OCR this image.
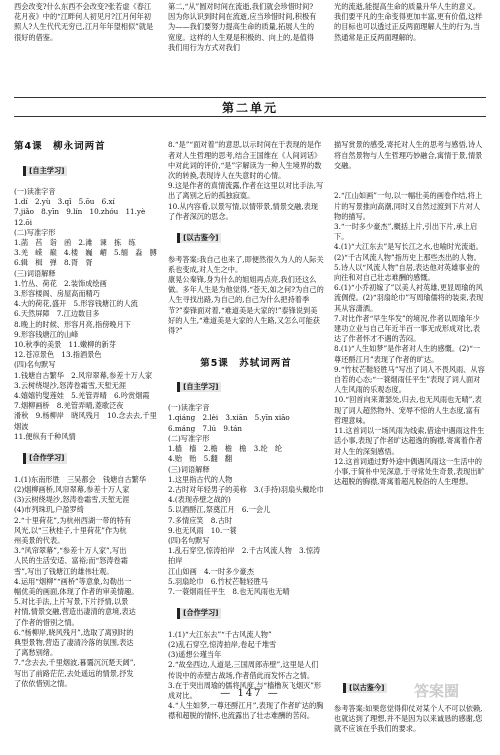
西会改变?什么东西不会改变?张若虚《春江花月夜》中的“江畔何人初见月?江月何年初照人?人生代代无穷已,江月年年望相似”就是很好的借鉴。
第二,“从”圆对时间在流逝,我们就会珍惜时间?因为你认识到时间在流逝,应当珍惜时间,积极有为——我们要努力提高生命的质量,拓展人生的宽度。这样的人生观是积极的、向上的,是值得我们用行为方式对我们
光的流逝,能提高生命的质量升华人生的意义。我们要平凡的生命变得更加丰富,更有价值,这样的目标也可以透过正反两面理解人生的行为,当然通常是正反两面理解的。
第二单元

第4课　柳永词两首

[自主学习]

(一)读准字音
1.dí　2.yù　3.qǐ　5.ōu　6.xí
7.jiǎo　8.yīn　9.lín　10.zhóu　11.yè
12.ōi
(二)写准字形
1.菡　萏　诣　函　2.滩　谏　拣　练
3.羌　嵘　巅　4.楼　巍　嵋　5.缅　淼　膊
6.辑　楫　弹　8.胥　胥
(三)词语解释
1.竹丛、荷花　2.装饰成绘画
3.形容楼阁、房屋高而精巧
4.大的荷花,盛开　5.形容钱塘江的人流
6.天然屏障　7.江边数目多
8.晚上的时候、形容月亮,指傍晚月下
9.形容钱塘江的山峰
10.秋季的美景　11.嫩柳的新芽
12.苍凉景色　13.指酒景色
(四)名句默写
1.钱塘自古繁华　2.风帘翠幕,参差十万人家
3.云树绕堤沙,怒涛卷霜雪,天堑无涯
4.嬉嬉钓叟莲娃　5.羌管弄晴　6.吟赏烟霞
7.烟柳画桥　8.羌管弄晴,菱歌泛夜
滑秋　9.杨柳岸　晓风残月　10.念去去,千里烟波
11.便纵有千种风情

[合作学习]

1.(1)东南形胜　三吴都会　钱塘自古繁华
(2)烟柳画桥,风帘翠幕,参差十万人家
(3)云树绕堤沙,怒涛卷霜雪,天堑无涯
(4)市列珠玑,户盈罗绮
2.“十里荷花”,为杭州西湖一带的特有
风光,以“三秋桂子,十里荷花”作为杭
州美景的代表。
3.“风帘翠幕”,“参差十万人家”,写出
人民的生活安适、富裕;而“怒涛卷霜
雪”,写出了钱塘江的雄伟壮观。
4.运用“烟柳”“画桥”等意象,勾勒出一
幅优美的画面,体现了作者的审美情趣。
5.对比手法,上片写景,下片抒情,以景
衬情,情景交融,营造出凄清的意境,表达
了作者的惜别之情。
6.“杨柳岸,晓风残月”,选取了离别时的
典型景物,营造了凄清冷落的氛围,表达
了离愁别绪。
7.“念去去,千里烟波,暮霭沉沉楚天阔”,
写出了前路茫茫,去处遥远的情景,抒发
了依依惜别之情。

8.“是”“面对着”的意思,以示时间在于表现的是作者对人生哲理的思考,结合王国维在《人间词话》中对此词的评价,“是”字解读为一种人生境界的数次的转换,表现诗人在失意时的心情。
9.这是作者的真情流露,作者在这里以对比手法,写出了离别之后的孤独寂寞。
10.从内容看,以景写情,以情带景,情景交融,表现了作者深沉的思念。

[以古鉴今]

参考答案:我自己也来了,即便然很久为人的人际关系也变成,对人生之中。
康晃公秦锋,身为什么的姐姐再点亮,我们还这么做。多年人生是为他觉得,“苍天,如之何?为自己的人生寻找出路,为自己的,自己为什么把持着季节?”泰锋面对着,“难道美是大家的!”泰锋说到美好的人生,“难道美是大家的人生路,又怎么可能获得?”

第5课　苏轼词两首

[自主学习]

(一)读准字音
1.qiáng　2.lèi　3.xiān　5.yīn xiāo
6.máng　7.lú　9.tán
(二)写准字形
1.樯　樯　2.檐　檐　檐　3.纶　纶
4.贻　贻　5.翻　翻
(三)词语解释
1.这里指古代的人物
2.古时对年轻男子的美称　3.(手持)羽扇头戴纶巾
4.(表现赤壁之战的)
5.以酒酹江,祭奠江月　6.一会儿
7.多情应笑　8.古时
9.也无风雨　10.一蓑
(四)名句默写
1.乱石穿空,惊涛拍岸　2.千古风流人物　3.惊涛拍岸
江山如画　4.一时多少豪杰
5.羽扇纶巾　6.竹杖芒鞋轻胜马
7.一蓑烟雨任平生　8.也无风雨也无晴

[合作学习]

1.(1)“大江东去”“千古风流人物”
(2)乱石穿空,惊涛拍岸,卷起千堆雪
(3)遥想公瑾当年
2.“故垒西边,人道是,三国周郎赤壁”,这里是人们传说中的赤壁古战场,作者借此而发怀古之情。
3.在于突出周瑜的儒将风度,与“樯橹灰飞烟灭”形成对比。
4.“人生如梦,一尊还酹江月”,表现了作者旷达的胸襟和超脱的情怀,也流露出了壮志难酬的苦闷。

描写赏景的感受,寄托对人生的思考与感悟,诗人将自然景物与人生哲理巧妙融合,寓情于景,情景交融。

2.“江山如画”一句,以一幅壮美的画卷作结,将上片的写景推向高潮,同时又自然过渡到下片对人物的描写。
3.“一时多少豪杰”,概括上片,引出下片,承上启下。
4.(1)“大江东去”是写长江之水,也喻时光流逝。(2)“千古风流人物”指历史上那些杰出的人物。
5.诗人以“风流人物”自居,表达他对英雄事业的向往和对自己壮志难酬的感慨。
6.(1)“小乔初嫁了”以美人衬英雄,更显周瑜的风流倜傥。(2)“羽扇纶巾”写周瑜儒将的装束,表现其从容潇洒。
7.对比作者“早生华发”的境况,作者以周瑜年少建功立业与自己年近半百一事无成形成对比,表达了作者怀才不遇的苦闷。
8.(1)“人生如梦”是作者对人生的感慨。(2)“一尊还酹江月”表现了作者的旷达。
9.“竹杖芒鞋轻胜马”写出了词人不畏风雨、从容自若的心态;“一蓑烟雨任平生”表现了词人面对人生风雨的乐观态度。
10.“回首向来萧瑟处,归去,也无风雨也无晴”,表现了词人超然物外、宠辱不惊的人生态度,富有哲理意味。
11.这首词以一场风雨为线索,借途中遇雨这件生活小事,表现了作者旷达超逸的胸襟,寄寓着作者对人生的深刻感悟。
12.这首词通过野外途中偶遇风雨这一生活中的小事,于简朴中见深意,于寻常处生奇景,表现出旷达超脱的胸襟,寄寓着超凡脱俗的人生理想。

[以古鉴今]

参考答案:如果您觉得仰仗对某个人不可以依赖,也就达到了理想,并不是因为以来诚恳的感谢,您就不应该在乎我们的要求。

— 147 —	答案圈
